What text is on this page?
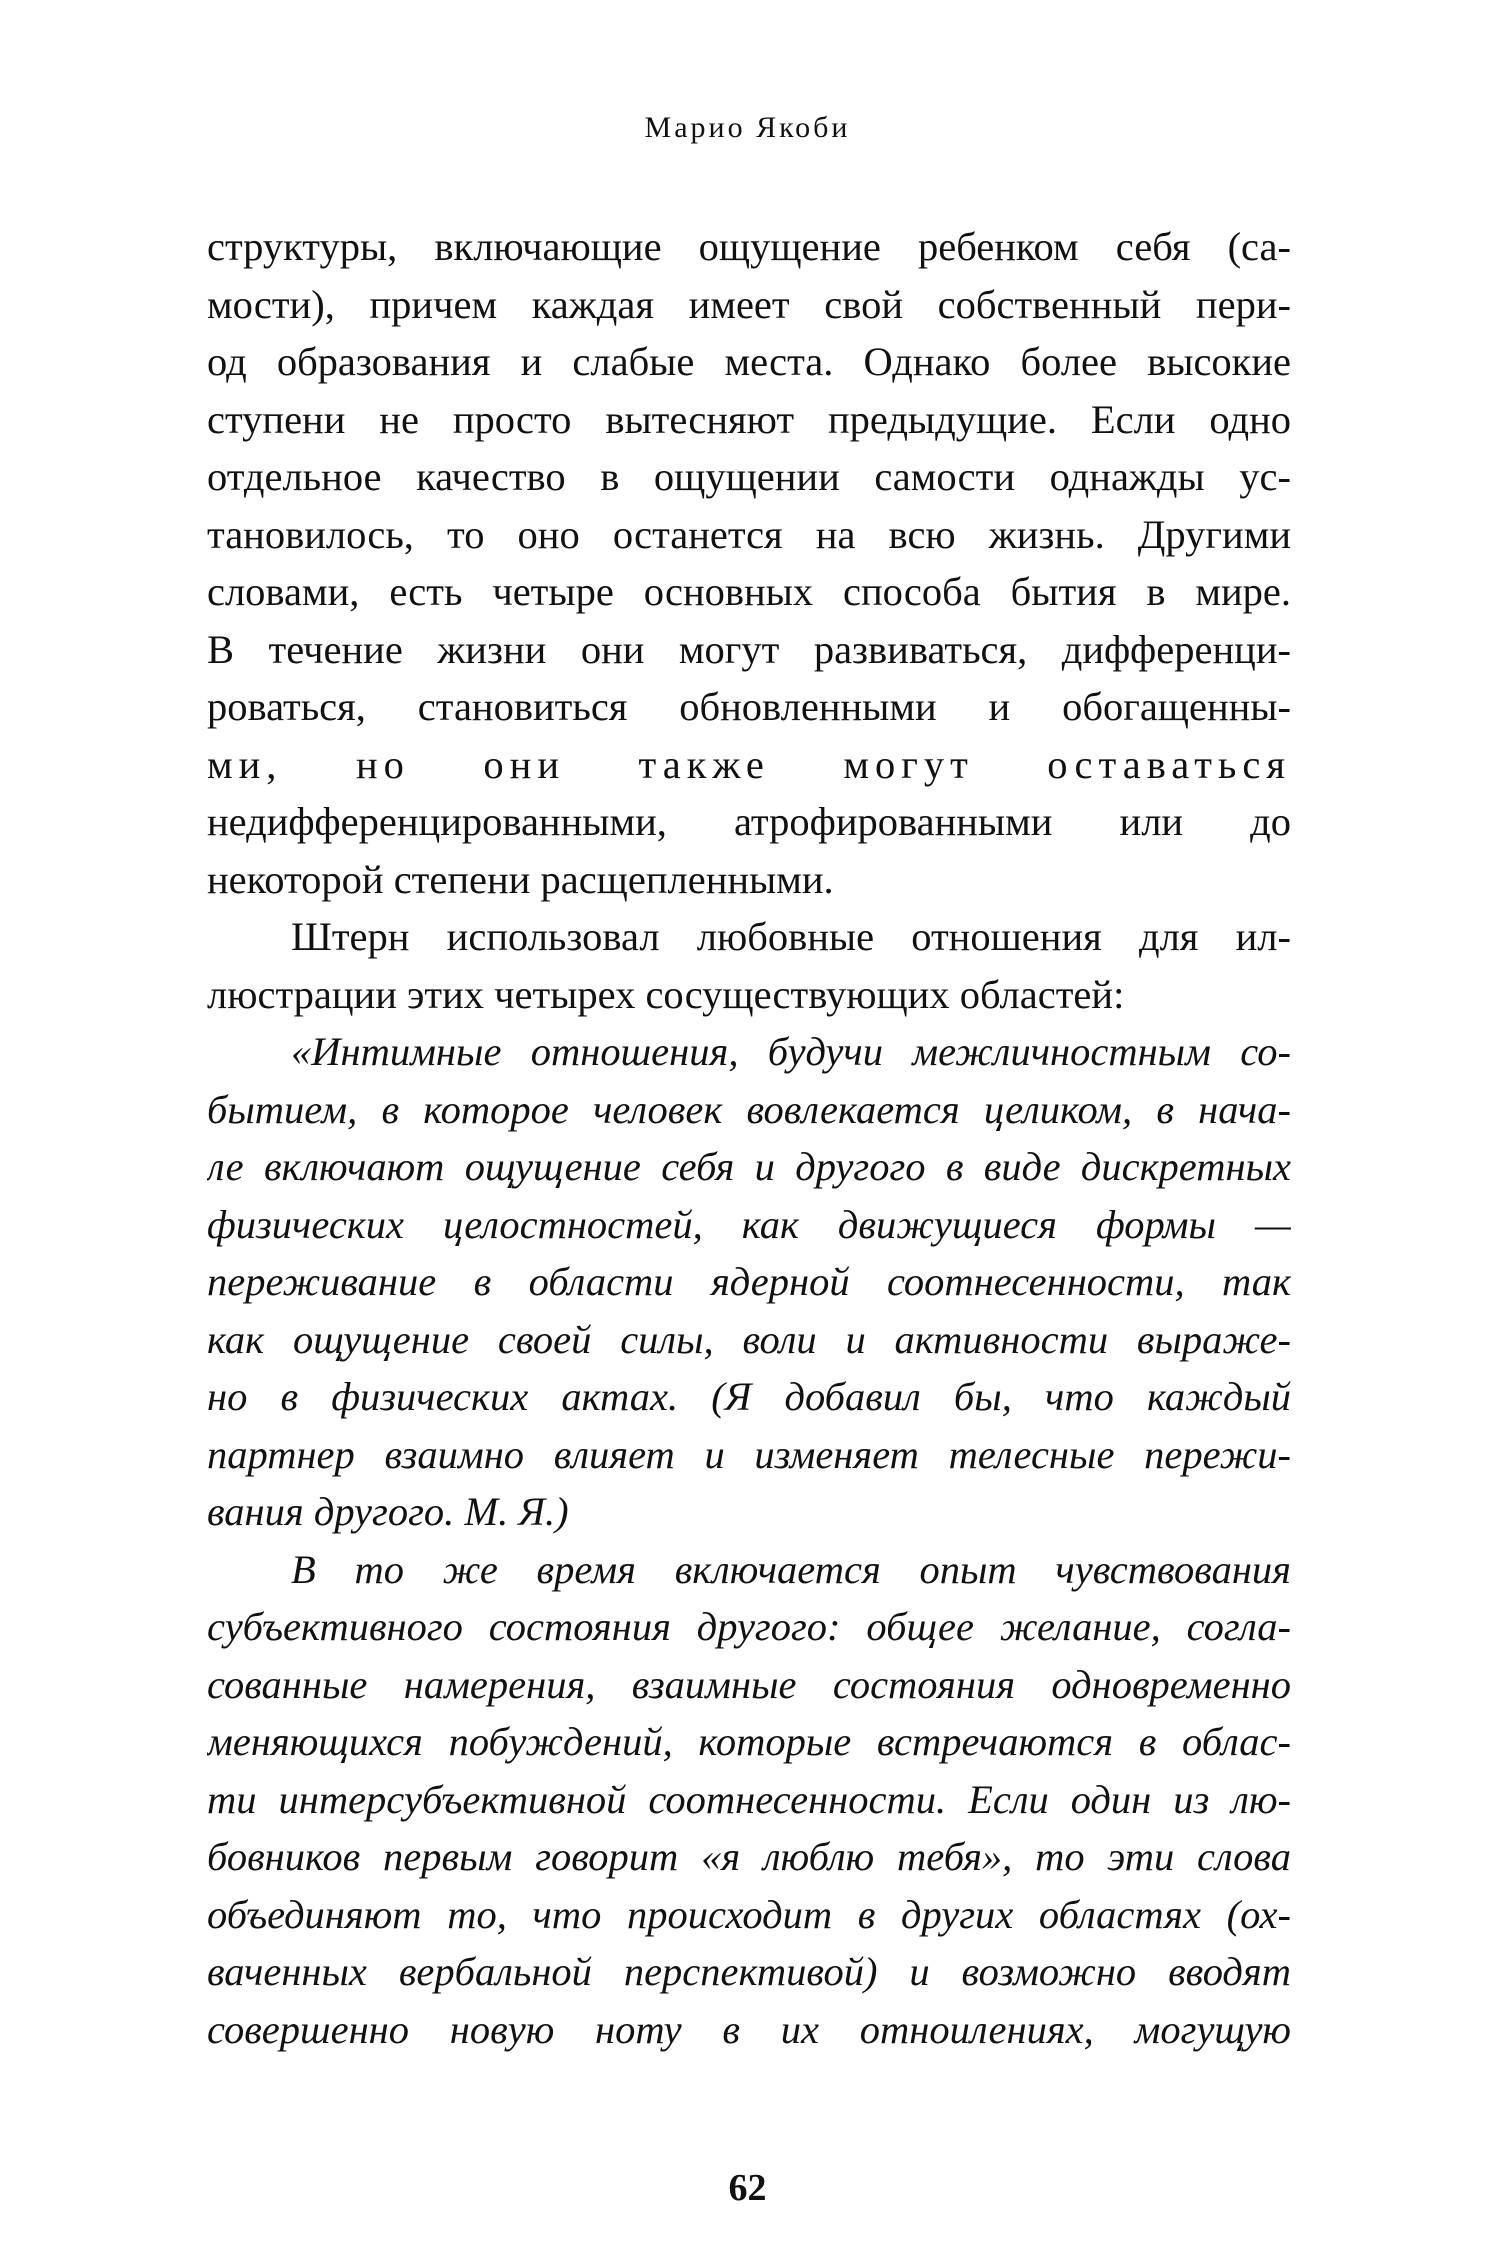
Марио Якоби
структуры, включающие ощущение ребенком себя (са-
мости), причем каждая имеет свой собственный пери-
од образования и слабые места. Однако более высокие
ступени не просто вытесняют предыдущие. Если одно
отдельное качество в ощущении самости однажды ус-
тановилось, то оно останется на всю жизнь. Другими
словами, есть четыре основных способа бытия в мире.
В течение жизни они могут развиваться, дифференци-
роваться, становиться обновленными и обогащенны-
ми, но они также могут оставаться
недифференцированными, атрофированными или до
некоторой степени расщепленными.
Штерн использовал любовные отношения для ил-
люстрации этих четырех сосуществующих областей:
«Интимные отношения, будучи межличностным со-
бытием, в которое человек вовлекается целиком, в нача-
ле включают ощущение себя и другого в виде дискретных
физических целостностей, как движущиеся формы —
переживание в области ядерной соотнесенности, так
как ощущение своей силы, воли и активности выраже-
но в физических актах. (Я добавил бы, что каждый
партнер взаимно влияет и изменяет телесные пережи-
вания другого. М. Я.)
В то же время включается опыт чувствования
субъективного состояния другого: общее желание, согла-
сованные намерения, взаимные состояния одновременно
меняющихся побуждений, которые встречаются в облас-
ти интерсубъективной соотнесенности. Если один из лю-
бовников первым говорит «я люблю тебя», то эти слова
объединяют то, что происходит в других областях (ох-
ваченных вербальной перспективой) и возможно вводят
совершенно новую ноту в их отноилениях, могущую
62
